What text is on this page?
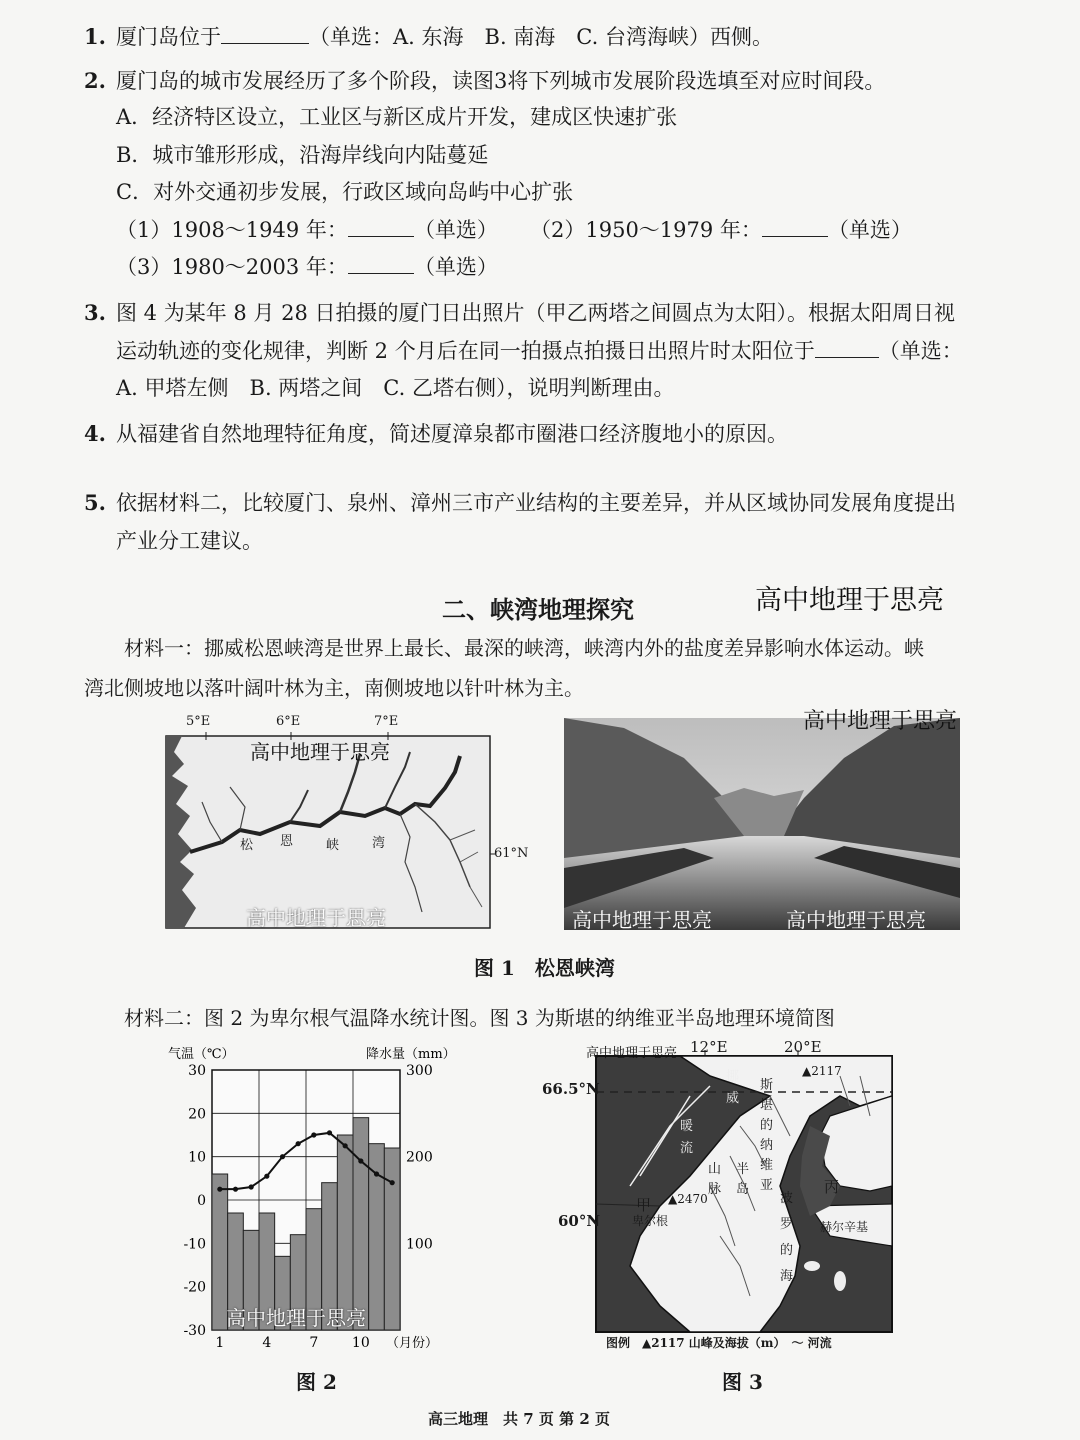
1. 厦门岛位于	（单选：A. 东海　B. 南海　C. 台湾海峡）西侧。
2. 厦门岛的城市发展经历了多个阶段，读图3将下列城市发展阶段选填至对应时间段。
A．经济特区设立，工业区与新区成片开发，建成区快速扩张
B．城市雏形形成，沿海岸线向内陆蔓延
C．对外交通初步发展，行政区域向岛屿中心扩张
（1）1908～1949 年：	（单选） （2）1950～1979 年：	（单选）
（3）1980～2003 年：	（单选）
3. 图 4 为某年 8 月 28 日拍摄的厦门日出照片（甲乙两塔之间圆点为太阳）。根据太阳周日视
运动轨迹的变化规律，判断 2 个月后在同一拍摄点拍摄日出照片时太阳位于	（单选：
A. 甲塔左侧　B. 两塔之间　C. 乙塔右侧），说明判断理由。
4. 从福建省自然地理特征角度，简述厦漳泉都市圈港口经济腹地小的原因。
5. 依据材料二，比较厦门、泉州、漳州三市产业结构的主要差异，并从区域协同发展角度提出
产业分工建议。
二、峡湾地理探究	高中地理于思亮
材料一：挪威松恩峡湾是世界上最长、最深的峡湾，峡湾内外的盐度差异影响水体运动。峡
湾北侧坡地以落叶阔叶林为主，南侧坡地以针叶林为主。
5°E	6°E	7°E
61°N
松 恩	峡	湾
高中地理于思亮
高中地理于思亮	高中地理于思亮	高中地理于思亮
高中地理于思亮
图 1　松恩峡湾
材料二：图 2 为卑尔根气温降水统计图。图 3 为斯堪的纳维亚半岛地理环境简图
30
20
10
0
-10
-20
-30
300
200
100
1	4	7 10 （月份）
气温（℃）	降水量（mm）
高中地理于思亮
图 2
12°E	20°E
66.5°N
60°N
高中地理于思亮
▲2117
▲2470
卑尔根
甲
丙
赫尔辛基
挪
威
暖
流
斯
堪
的
纳
维
亚
山
脉
半
岛
波
罗
的
海
图例　▲2117 山峰及海拔（m）　〜 河流
图 3
高三地理　共 7 页 第 2 页
